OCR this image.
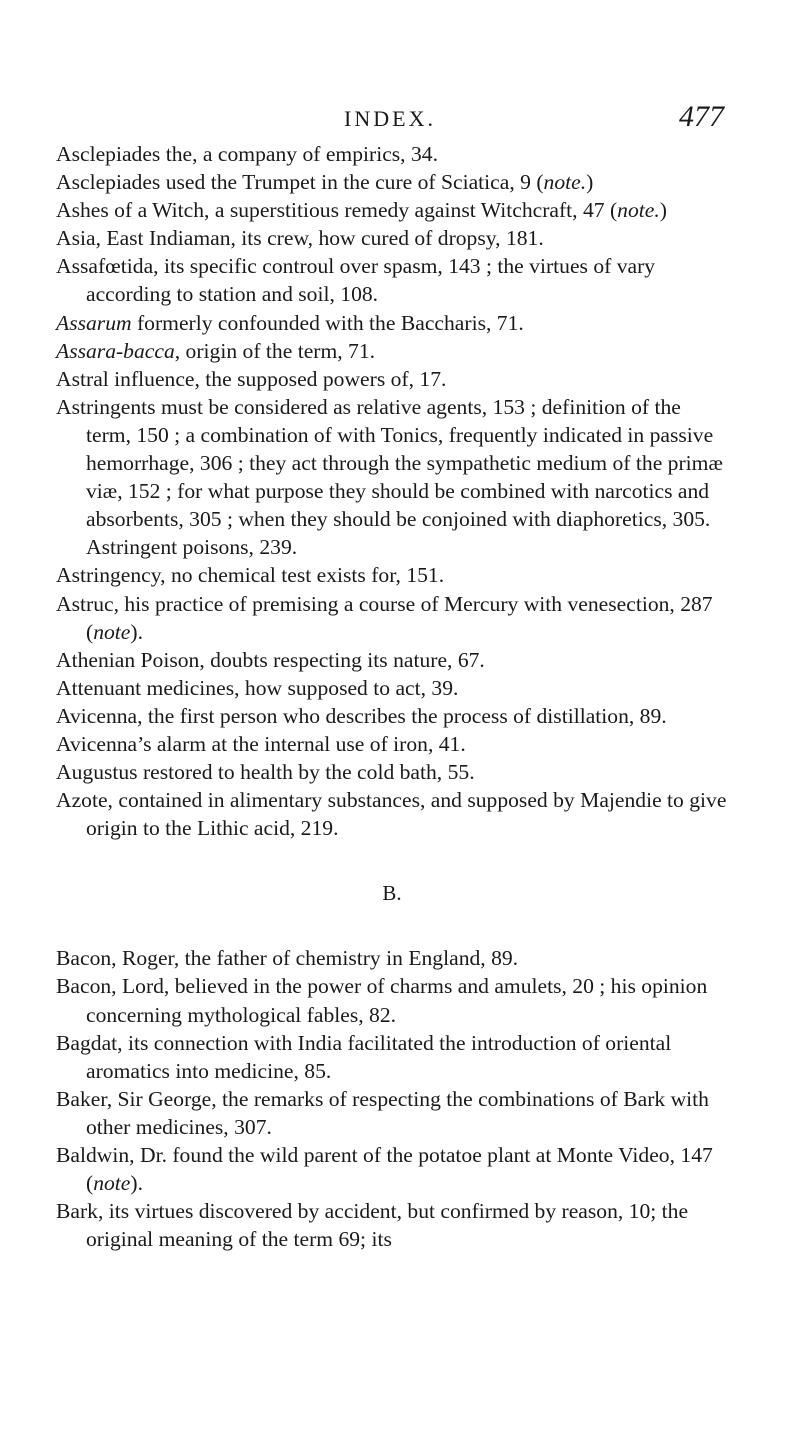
INDEX.	477

Asclepiades the, a company of empirics, 34.

Asclepiades used the Trumpet in the cure of Sciatica, 9 (note.)

Ashes of a Witch, a superstitious remedy against Witchcraft, 47 (note.)

Asia, East Indiaman, its crew, how cured of dropsy, 181.

Assafœtida, its specific controul over spasm, 143 ; the virtues of vary according to station and soil, 108.

Assarum formerly confounded with the Baccharis, 71.

Assara-bacca, origin of the term, 71.

Astral influence, the supposed powers of, 17.

Astringents must be considered as relative agents, 153 ; definition of the term, 150 ; a combination of with Tonics, frequently indicated in passive hemorrhage, 306 ; they act through the sympathetic medium of the primæ viæ, 152 ; for what purpose they should be combined with narcotics and absorbents, 305 ; when they should be conjoined with diaphoretics, 305. Astringent poisons, 239.

Astringency, no chemical test exists for, 151.

Astruc, his practice of premising a course of Mercury with venesection, 287 (note).

Athenian Poison, doubts respecting its nature, 67.

Attenuant medicines, how supposed to act, 39.

Avicenna, the first person who describes the process of distillation, 89.

Avicenna’s alarm at the internal use of iron, 41.

Augustus restored to health by the cold bath, 55.

Azote, contained in alimentary substances, and supposed by Majendie to give origin to the Lithic acid, 219.

B.

Bacon, Roger, the father of chemistry in England, 89.

Bacon, Lord, believed in the power of charms and amulets, 20 ; his opinion concerning mythological fables, 82.

Bagdat, its connection with India facilitated the introduction of oriental aromatics into medicine, 85.

Baker, Sir George, the remarks of respecting the combinations of Bark with other medicines, 307.

Baldwin, Dr. found the wild parent of the potatoe plant at Monte Video, 147 (note).

Bark, its virtues discovered by accident, but confirmed by reason, 10; the original meaning of the term 69; its
